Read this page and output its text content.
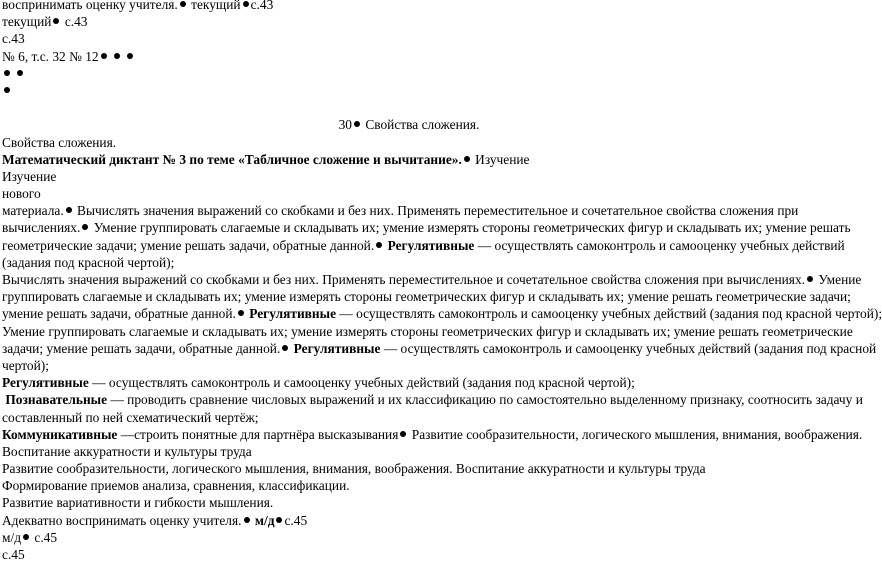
воспринимать оценку учителя. текущий с.43
текущий с.43
с.43
№ 6, т.с. 32 № 12

30 Свойства сложения.
Свойства сложения.
Математический диктант № 3 по теме «Табличное сложение и вычитание». Изучение
Изучение
нового
материала. Вычислять значения выражений со скобками и без них. Применять переместительное и сочетательное свойства сложения при
вычислениях. Умение группировать слагаемые и складывать их; умение измерять стороны геометрических фигур и складывать их; умение решать
геометрические задачи; умение решать задачи, обратные данной. Регулятивные — осуществлять самоконтроль и самооценку учебных действий
(задания под красной чертой);
Вычислять значения выражений со скобками и без них. Применять переместительное и сочетательное свойства сложения при вычислениях. Умение
группировать слагаемые и складывать их; умение измерять стороны геометрических фигур и складывать их; умение решать геометрические задачи;
умение решать задачи, обратные данной. Регулятивные — осуществлять самоконтроль и самооценку учебных действий (задания под красной чертой);
Умение группировать слагаемые и складывать их; умение измерять стороны геометрических фигур и складывать их; умение решать геометрические
задачи; умение решать задачи, обратные данной. Регулятивные — осуществлять самоконтроль и самооценку учебных действий (задания под красной
чертой);
Регулятивные — осуществлять самоконтроль и самооценку учебных действий (задания под красной чертой);
Познавательные — проводить сравнение числовых выражений и их классификацию по самостоятельно выделенному признаку, соотносить задачу и
составленный по ней схематический чертёж;
Коммуникативные —строить понятные для партнёра высказывания Развитие сообразительности, логического мышления, внимания, воображения.
Воспитание аккуратности и культуры труда
Развитие сообразительности, логического мышления, внимания, воображения. Воспитание аккуратности и культуры труда
Формирование приемов анализа, сравнения, классификации.
Развитие вариативности и гибкости мышления.
Адекватно воспринимать оценку учителя. м/д с.45
м/д с.45
с.45
